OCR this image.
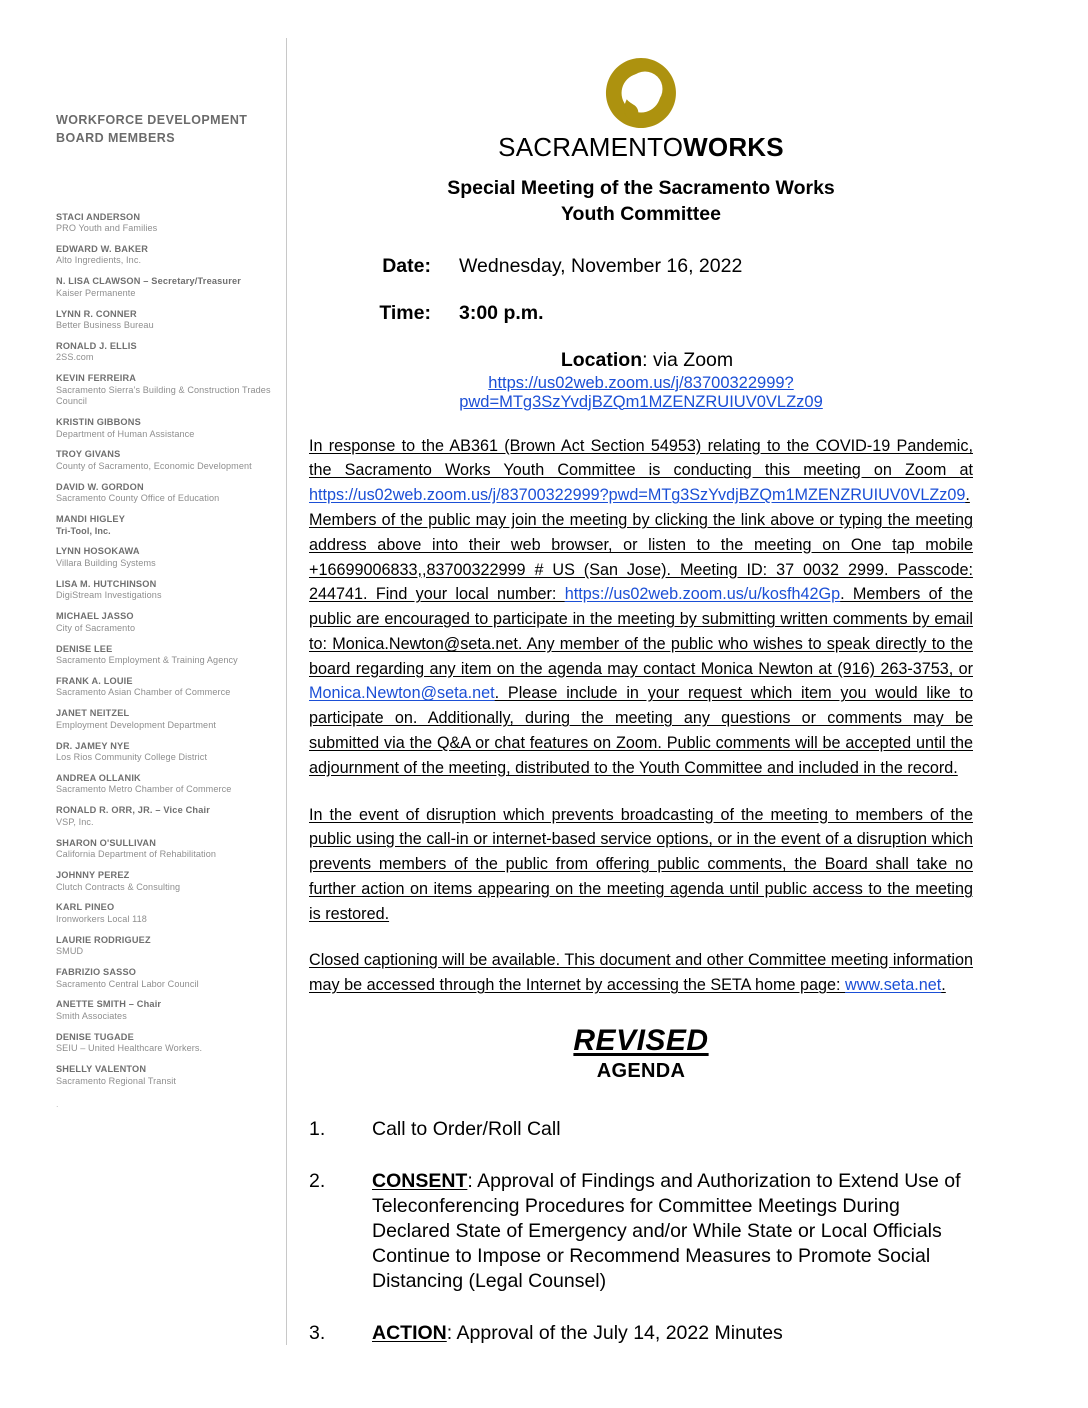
WORKFORCE DEVELOPMENT
BOARD MEMBERS
STACI ANDERSON
PRO Youth and Families
EDWARD W. BAKER
Alto Ingredients, Inc.
N. LISA CLAWSON – Secretary/Treasurer
Kaiser Permanente
LYNN R. CONNER
Better Business Bureau
RONALD J. ELLIS
2SS.com
KEVIN FERREIRA
Sacramento Sierra’s Building & Construction Trades Council
KRISTIN GIBBONS
Department of Human Assistance
TROY GIVANS
County of Sacramento, Economic Development
DAVID W. GORDON
Sacramento County Office of Education
MANDI HIGLEY
Tri-Tool, Inc.
LYNN HOSOKAWA
Villara Building Systems
LISA M. HUTCHINSON
DigiStream Investigations
MICHAEL JASSO
City of Sacramento
DENISE LEE
Sacramento Employment & Training Agency
FRANK A. LOUIE
Sacramento Asian Chamber of Commerce
JANET NEITZEL
Employment Development Department
DR. JAMEY NYE
Los Rios Community College District
ANDREA OLLANIK
Sacramento Metro Chamber of Commerce
RONALD R. ORR, JR. – Vice Chair
VSP, Inc.
SHARON O'SULLIVAN
California Department of Rehabilitation
JOHNNY PEREZ
Clutch Contracts & Consulting
KARL PINEO
Ironworkers Local 118
LAURIE RODRIGUEZ
SMUD
FABRIZIO SASSO
Sacramento Central Labor Council
ANETTE SMITH – Chair
Smith Associates
DENISE TUGADE
SEIU – United Healthcare Workers.
SHELLY VALENTON
Sacramento Regional Transit
.
SACRAMENTOWORKS
Special Meeting of the Sacramento Works
Youth Committee
Date:	Wednesday, November 16, 2022
Time:	3:00 p.m.
Location: via Zoom
https://us02web.zoom.us/j/83700322999?pwd=MTg3SzYvdjBZQm1MZENZRUIUV0VLZz09

In response to the AB361 (Brown Act Section 54953) relating to the COVID-19 Pandemic, the Sacramento Works Youth Committee is conducting this meeting on Zoom at https://us02web.zoom.us/j/83700322999?pwd=MTg3SzYvdjBZQm1MZENZRUIUV0VLZz09. Members of the public may join the meeting by clicking the link above or typing the meeting address above into their web browser, or listen to the meeting on One tap mobile +16699006833,,83700322999 # US (San Jose). Meeting ID: 37 0032 2999. Passcode: 244741. Find your local number: https://us02web.zoom.us/u/kosfh42Gp. Members of the public are encouraged to participate in the meeting by submitting written comments by email to: Monica.Newton@seta.net. Any member of the public who wishes to speak directly to the board regarding any item on the agenda may contact Monica Newton at (916) 263-3753, or Monica.Newton@seta.net. Please include in your request which item you would like to participate on. Additionally, during the meeting any questions or comments may be submitted via the Q&A or chat features on Zoom. Public comments will be accepted until the adjournment of the meeting, distributed to the Youth Committee and included in the record.

In the event of disruption which prevents broadcasting of the meeting to members of the public using the call-in or internet-based service options, or in the event of a disruption which prevents members of the public from offering public comments, the Board shall take no further action on items appearing on the meeting agenda until public access to the meeting is restored.

Closed captioning will be available. This document and other Committee meeting information may be accessed through the Internet by accessing the SETA home page: www.seta.net.

REVISED
AGENDA
1.	Call to Order/Roll Call
2.	CONSENT: Approval of Findings and Authorization to Extend Use of Teleconferencing Procedures for Committee Meetings During Declared State of Emergency and/or While State or Local Officials Continue to Impose or Recommend Measures to Promote Social Distancing (Legal Counsel)
3.	ACTION: Approval of the July 14, 2022 Minutes
